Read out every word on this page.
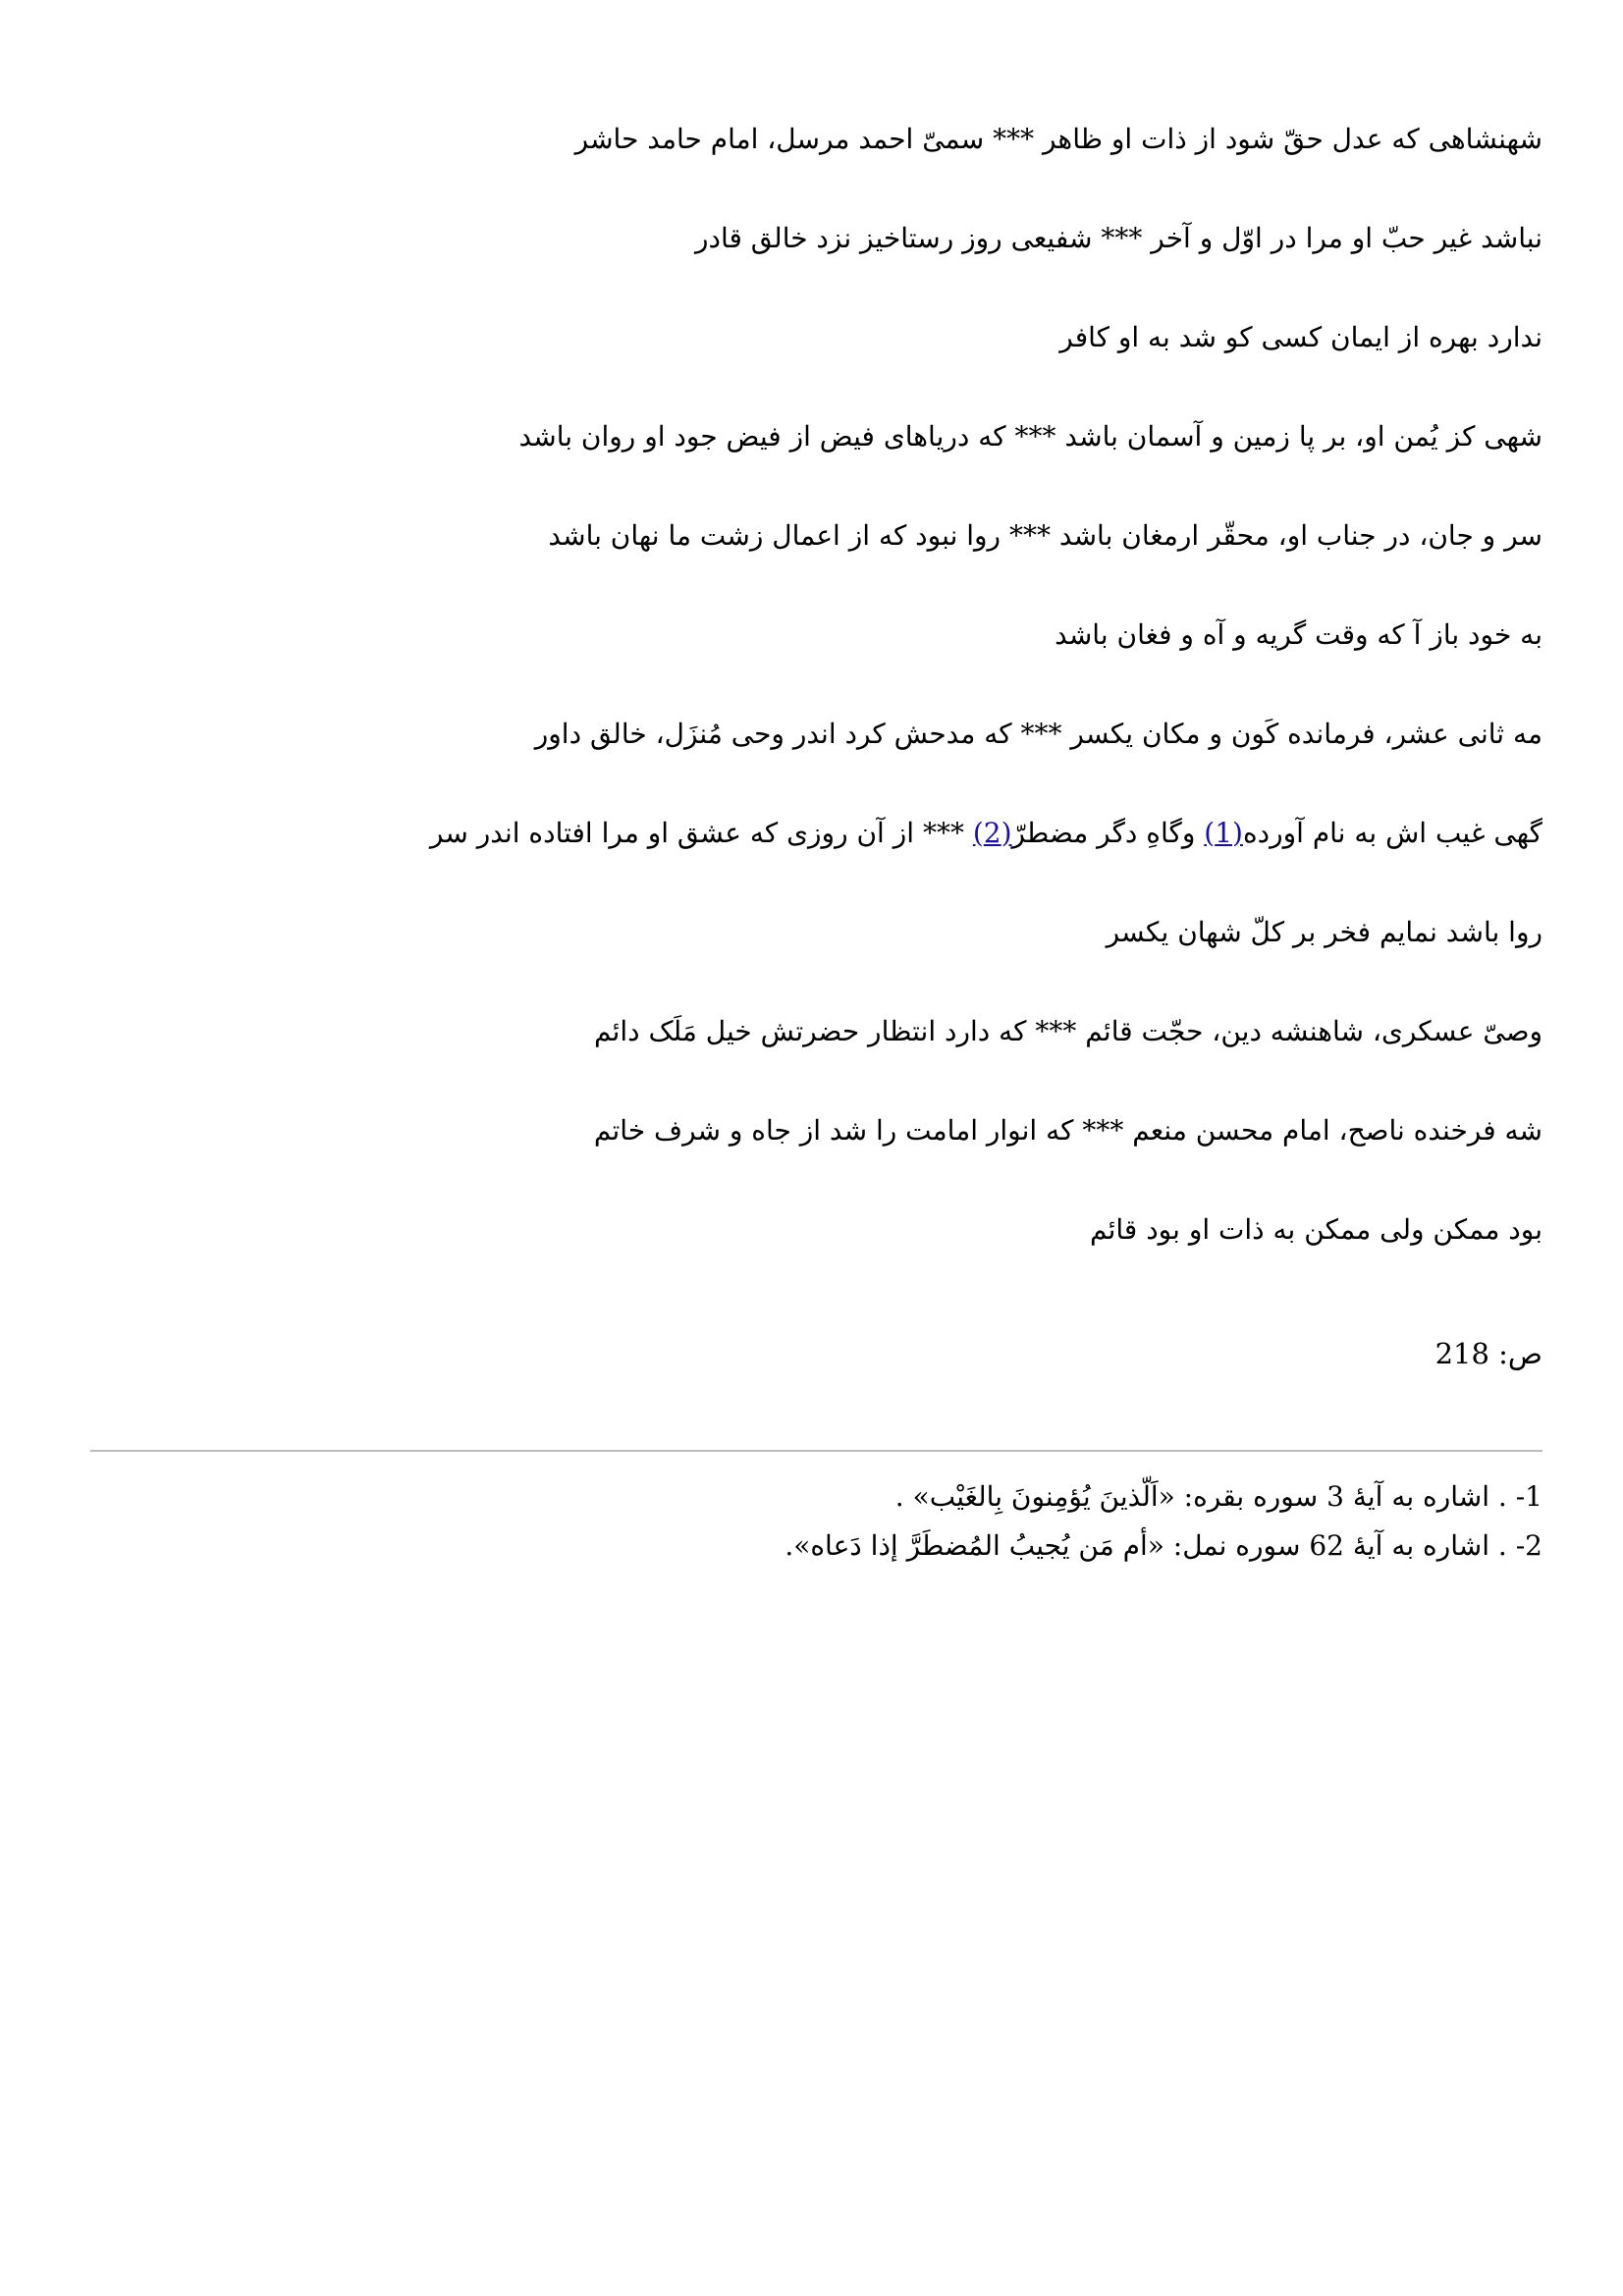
شهنشاهی که عدل حقّ شود از ذات او ظاهر *** سمیّ احمد مرسل، امام حامد حاشر
نباشد غیر حبّ او مرا در اوّل و آخر *** شفیعی روز رستاخیز نزد خالق قادر
ندارد بهره از ایمان کسی کو شد به او کافر
شهی کز یُمن او، بر پا زمین و آسمان باشد *** که دریاهای فیض از فیض جود او روان باشد
سر و جان، در جناب او، محقّر ارمغان باشد *** روا نبود که از اعمال زشت ما نهان باشد
به خود باز آ که وقت گریه و آه و فغان باشد
مه ثانی عشر، فرمانده کَون و مکان یکسر *** که مدحش کرد اندر وحی مُنزَل، خالق داور
گهی غیب اش به نام آورده(1) وگاهِ دگر مضطرّ(2) *** از آن روزی که عشق او مرا افتاده اندر سر
روا باشد نمایم فخر بر کلّ شهان یکسر
وصیّ عسکری، شاهنشه دین، حجّت قائم *** که دارد انتظار حضرتش خیل مَلَک دائم
شه فرخنده ناصح، امام محسن منعم *** که انوار امامت را شد از جاه و شرف خاتم
بود ممکن ولی ممکن به ذات او بود قائم
ص: 218
1- . اشاره به آیهٔ 3 سوره بقره: «اَلّذینَ یُؤمِنونَ بِالغَیْب» .
2- . اشاره به آیهٔ 62 سوره نمل: «أم مَن یُجیبُ المُضطَرَّ إذا دَعاه».
